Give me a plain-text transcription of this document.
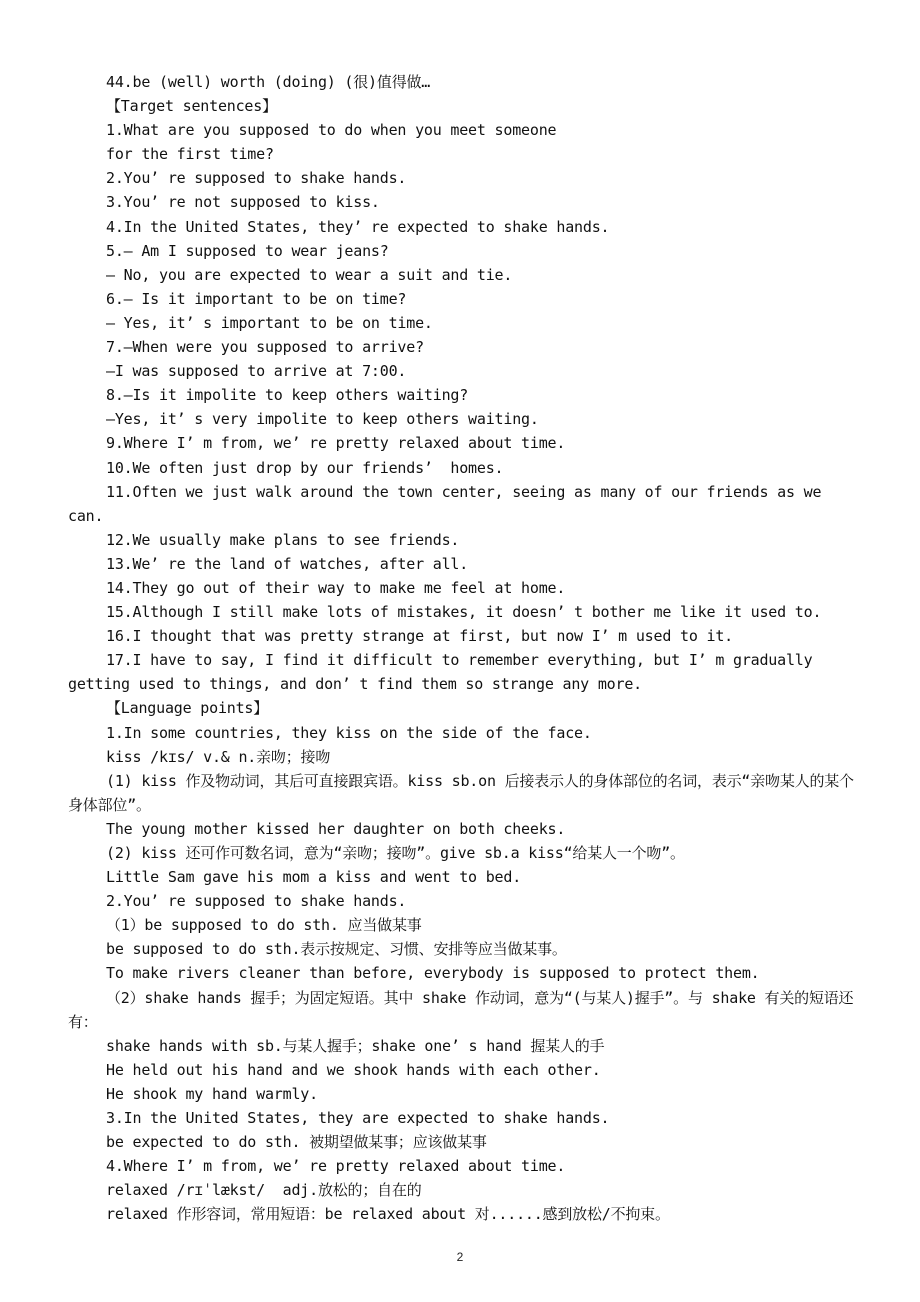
44.be (well) worth (doing) (很)值得做…
【Target sentences】
1.What are you supposed to do when you meet someone
for the first time?
2.You’ re supposed to shake hands.
3.You’ re not supposed to kiss.
4.In the United States, they’ re expected to shake hands.
5.— Am I supposed to wear jeans?
— No, you are expected to wear a suit and tie.
6.— Is it important to be on time?
— Yes, it’ s important to be on time.
7.—When were you supposed to arrive?
—I was supposed to arrive at 7:00.
8.—Is it impolite to keep others waiting?
—Yes, it’ s very impolite to keep others waiting.
9.Where I’ m from, we’ re pretty relaxed about time.
10.We often just drop by our friends’  homes.
11.Often we just walk around the town center, seeing as many of our friends as we can.
12.We usually make plans to see friends.
13.We’ re the land of watches, after all.
14.They go out of their way to make me feel at home.
15.Although I still make lots of mistakes, it doesn’ t bother me like it used to.
16.I thought that was pretty strange at first, but now I’ m used to it.
17.I have to say, I find it difficult to remember everything, but I’ m gradually getting used to things, and don’ t find them so strange any more.
【Language points】
1.In some countries, they kiss on the side of the face.
kiss /kɪs/ v.& n.亲吻；接吻
(1) kiss 作及物动词，其后可直接跟宾语。kiss sb.on 后接表示人的身体部位的名词，表示“亲吻某人的某个身体部位”。
The young mother kissed her daughter on both cheeks.
(2) kiss 还可作可数名词，意为“亲吻；接吻”。give sb.a kiss“给某人一个吻”。
Little Sam gave his mom a kiss and went to bed.
2.You’ re supposed to shake hands.
（1）be supposed to do sth. 应当做某事
be supposed to do sth.表示按规定、习惯、安排等应当做某事。
To make rivers cleaner than before, everybody is supposed to protect them.
（2）shake hands 握手；为固定短语。其中 shake 作动词，意为“(与某人)握手”。与 shake 有关的短语还有：
shake hands with sb.与某人握手；shake one’ s hand 握某人的手
He held out his hand and we shook hands with each other.
He shook my hand warmly.
3.In the United States, they are expected to shake hands.
be expected to do sth. 被期望做某事；应该做某事
4.Where I’ m from, we’ re pretty relaxed about time.
relaxed /rɪˈlækst/  adj.放松的；自在的
relaxed 作形容词，常用短语：be relaxed about 对......感到放松/不拘束。
2
